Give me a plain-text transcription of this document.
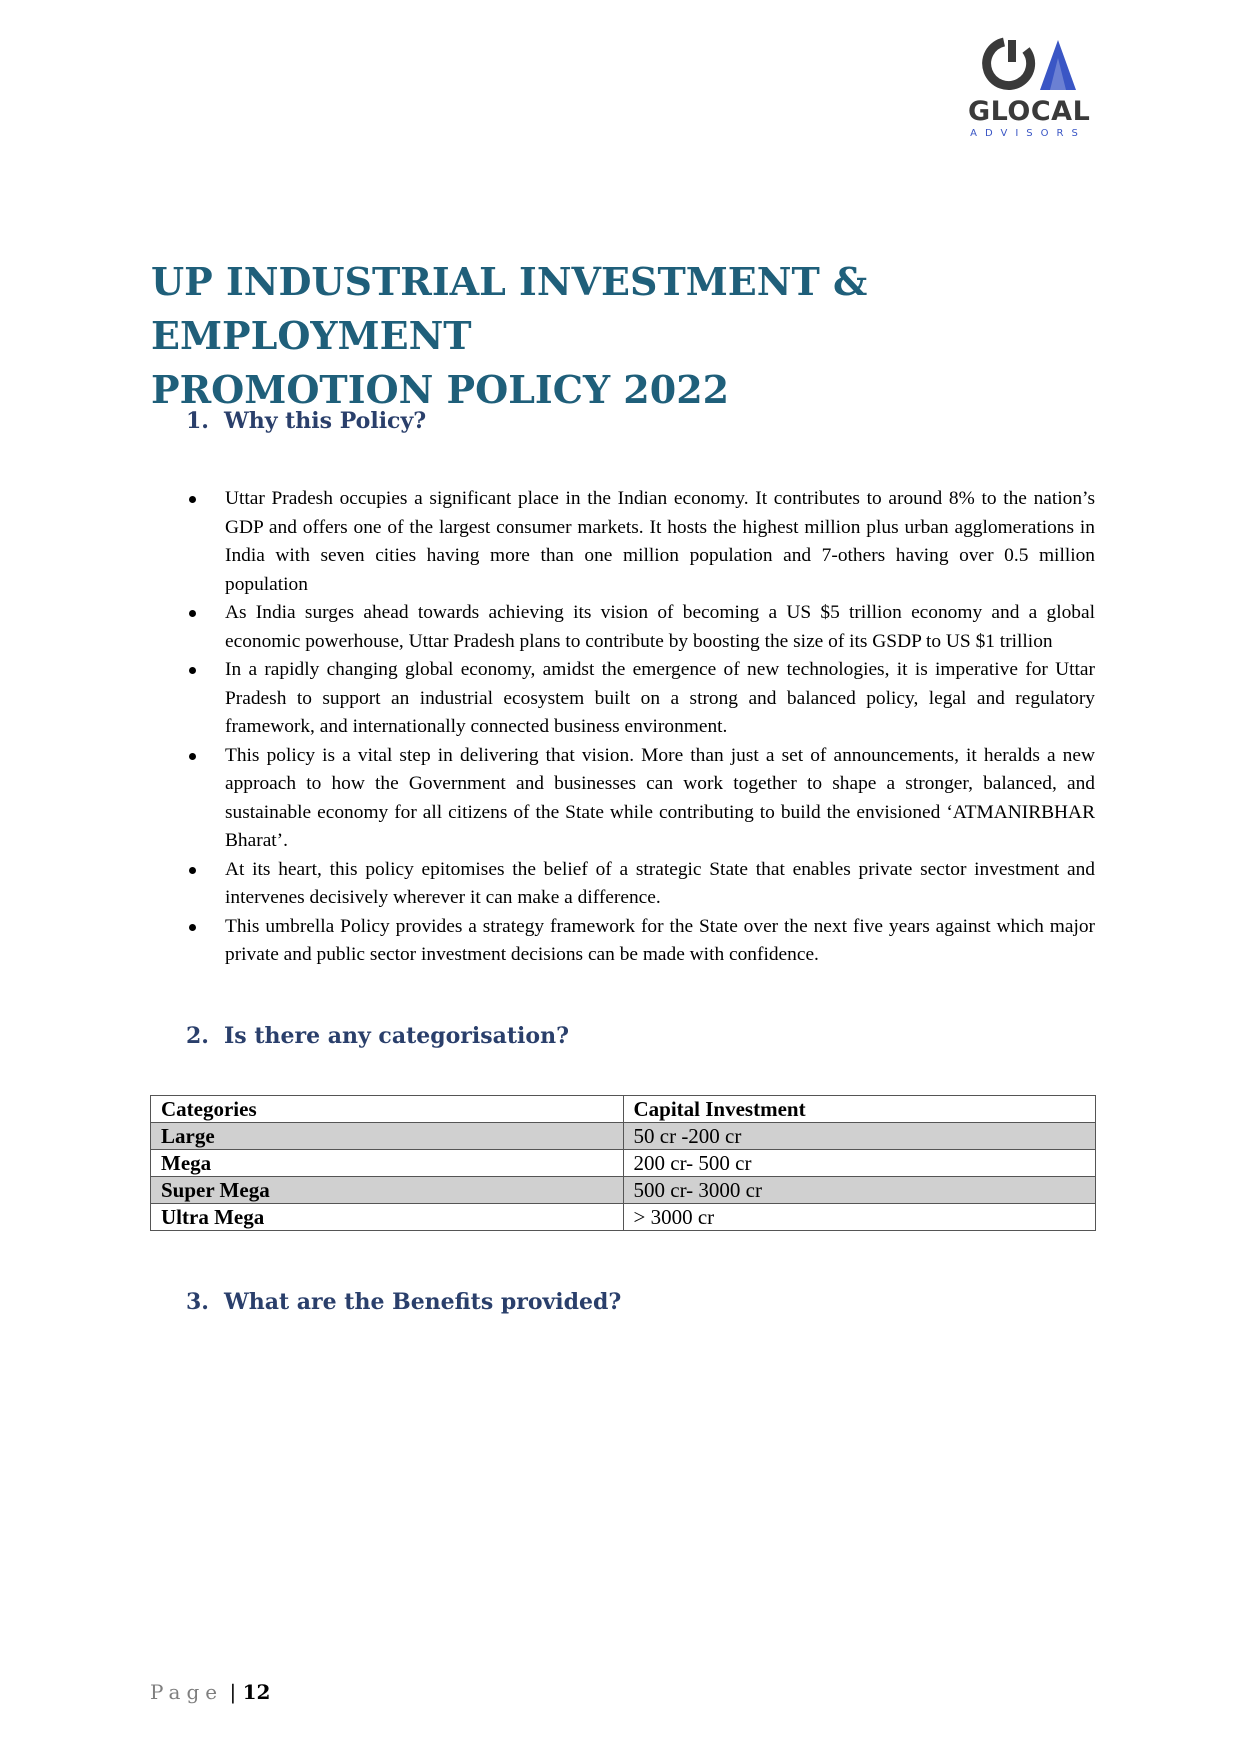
GLOCAL
ADVISORS
UP INDUSTRIAL INVESTMENT & EMPLOYMENT
PROMOTION POLICY 2022
1. Why this Policy?
Uttar Pradesh occupies a significant place in the Indian economy. It contributes to around 8% to the nation’s GDP and offers one of the largest consumer markets. It hosts the highest million plus urban agglomerations in India with seven cities having more than one million population and 7-others having over 0.5 million population
As India surges ahead towards achieving its vision of becoming a US $5 trillion economy and a global economic powerhouse, Uttar Pradesh plans to contribute by boosting the size of its GSDP to US $1 trillion
In a rapidly changing global economy, amidst the emergence of new technologies, it is imperative for Uttar Pradesh to support an industrial ecosystem built on a strong and balanced policy, legal and regulatory framework, and internationally connected business environment.
This policy is a vital step in delivering that vision. More than just a set of announcements, it heralds a new approach to how the Government and businesses can work together to shape a stronger, balanced, and sustainable economy for all citizens of the State while contributing to build the envisioned ‘ATMANIRBHAR Bharat’.
At its heart, this policy epitomises the belief of a strategic State that enables private sector investment and intervenes decisively wherever it can make a difference.
This umbrella Policy provides a strategy framework for the State over the next five years against which major private and public sector investment decisions can be made with confidence.
2. Is there any categorisation?
Categories	Capital Investment
Large	50 cr -200 cr
Mega	200 cr- 500 cr
Super Mega	500 cr- 3000 cr
Ultra Mega	> 3000 cr
3. What are the Benefits provided?
Page | 12
